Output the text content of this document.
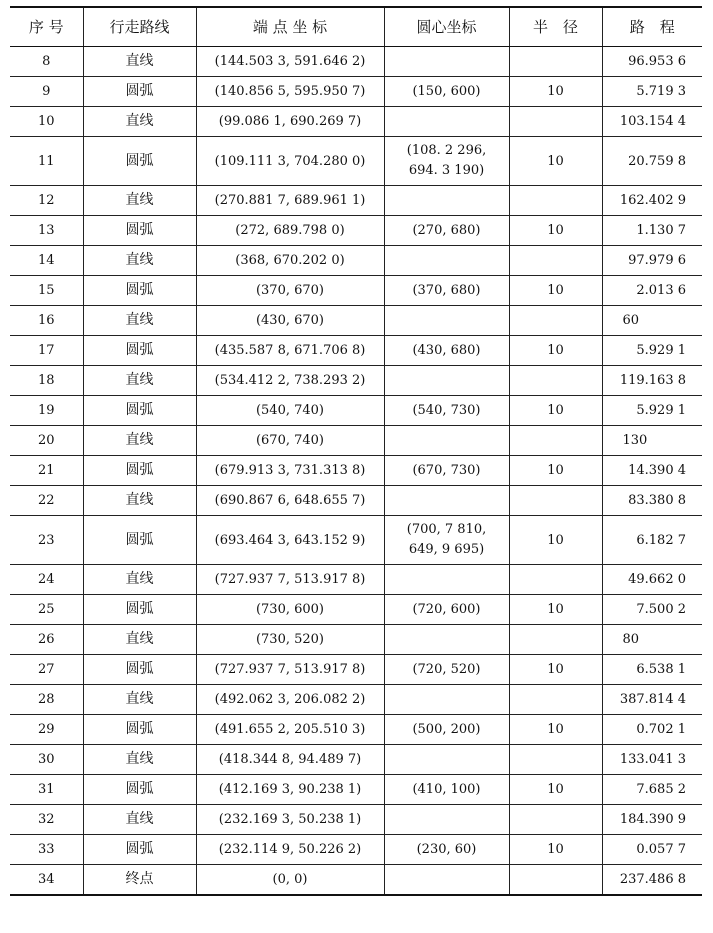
序 号	行走路线	端 点 坐 标	圆心坐标	半　径	路　程
8	直线	(144.503 3, 591.646 2)			96.953 6
9	圆弧	(140.856 5, 595.950 7)	(150, 600)	10	5.719 3
10	直线	(99.086 1, 690.269 7)			103.154 4
11	圆弧	(109.111 3, 704.280 0)	(108. 2 296,
694. 3 190)	10	20.759 8
12	直线	(270.881 7, 689.961 1)			162.402 9
13	圆弧	(272, 689.798 0)	(270, 680)	10	1.130 7
14	直线	(368, 670.202 0)			97.979 6
15	圆弧	(370, 670)	(370, 680)	10	2.013 6
16	直线	(430, 670)			60
17	圆弧	(435.587 8, 671.706 8)	(430, 680)	10	5.929 1
18	直线	(534.412 2, 738.293 2)			119.163 8
19	圆弧	(540, 740)	(540, 730)	10	5.929 1
20	直线	(670, 740)			130
21	圆弧	(679.913 3, 731.313 8)	(670, 730)	10	14.390 4
22	直线	(690.867 6, 648.655 7)			83.380 8
23	圆弧	(693.464 3, 643.152 9)	(700, 7 810,
649, 9 695)	10	6.182 7
24	直线	(727.937 7, 513.917 8)			49.662 0
25	圆弧	(730, 600)	(720, 600)	10	7.500 2
26	直线	(730, 520)			80
27	圆弧	(727.937 7, 513.917 8)	(720, 520)	10	6.538 1
28	直线	(492.062 3, 206.082 2)			387.814 4
29	圆弧	(491.655 2, 205.510 3)	(500, 200)	10	0.702 1
30	直线	(418.344 8, 94.489 7)			133.041 3
31	圆弧	(412.169 3, 90.238 1)	(410, 100)	10	7.685 2
32	直线	(232.169 3, 50.238 1)			184.390 9
33	圆弧	(232.114 9, 50.226 2)	(230, 60)	10	0.057 7
34	终点	(0, 0)			237.486 8
